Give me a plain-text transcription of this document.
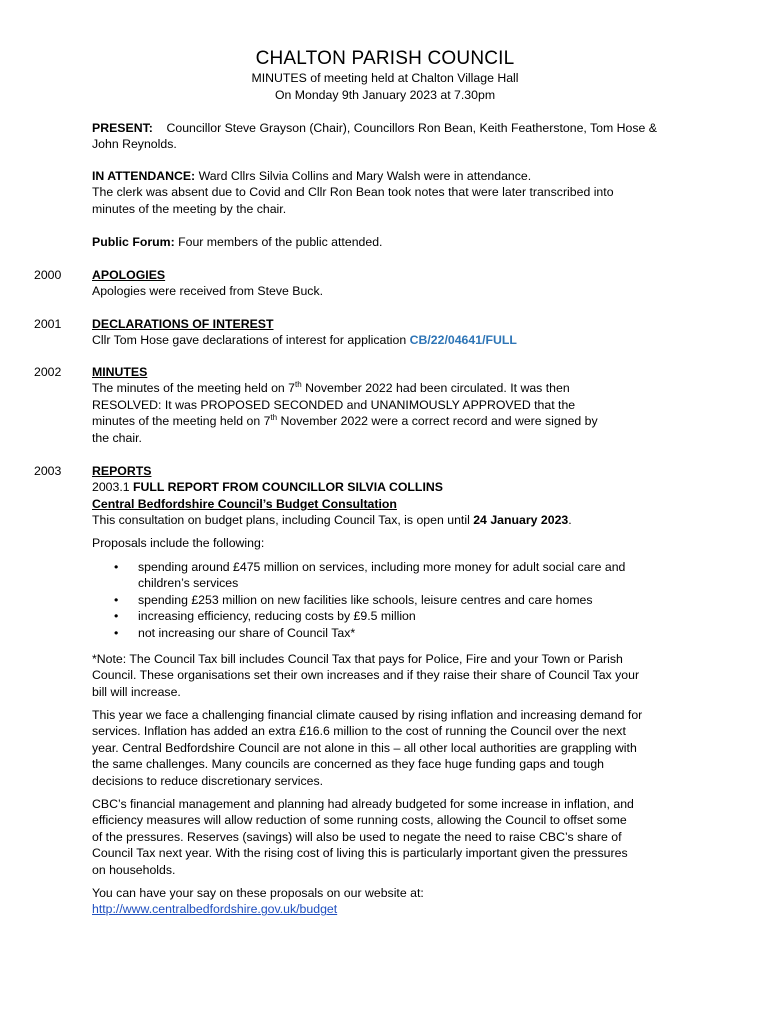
CHALTON PARISH COUNCIL
MINUTES of meeting held at Chalton Village Hall
On Monday 9th January 2023 at 7.30pm
PRESENT: Councillor Steve Grayson (Chair), Councillors Ron Bean, Keith Featherstone, Tom Hose &
John Reynolds.
IN ATTENDANCE: Ward Cllrs Silvia Collins and Mary Walsh were in attendance.
The clerk was absent due to Covid and Cllr Ron Bean took notes that were later transcribed into
minutes of the meeting by the chair.
Public Forum: Four members of the public attended.
2000 APOLOGIES
Apologies were received from Steve Buck.
2001 DECLARATIONS OF INTEREST
Cllr Tom Hose gave declarations of interest for application CB/22/04641/FULL
2002 MINUTES
The minutes of the meeting held on 7th November 2022 had been circulated. It was then
RESOLVED: It was PROPOSED SECONDED and UNANIMOUSLY APPROVED that the
minutes of the meeting held on 7th November 2022 were a correct record and were signed by
the chair.
2003 REPORTS
2003.1 FULL REPORT FROM COUNCILLOR SILVIA COLLINS
Central Bedfordshire Council’s Budget Consultation
This consultation on budget plans, including Council Tax, is open until 24 January 2023.
Proposals include the following:
• spending around £475 million on services, including more money for adult social care and
children’s services
• spending £253 million on new facilities like schools, leisure centres and care homes
• increasing efficiency, reducing costs by £9.5 million
• not increasing our share of Council Tax*
*Note: The Council Tax bill includes Council Tax that pays for Police, Fire and your Town or Parish
Council. These organisations set their own increases and if they raise their share of Council Tax your
bill will increase.
This year we face a challenging financial climate caused by rising inflation and increasing demand for
services. Inflation has added an extra £16.6 million to the cost of running the Council over the next
year. Central Bedfordshire Council are not alone in this – all other local authorities are grappling with
the same challenges. Many councils are concerned as they face huge funding gaps and tough
decisions to reduce discretionary services.
CBC’s financial management and planning had already budgeted for some increase in inflation, and
efficiency measures will allow reduction of some running costs, allowing the Council to offset some
of the pressures. Reserves (savings) will also be used to negate the need to raise CBC’s share of
Council Tax next year. With the rising cost of living this is particularly important given the pressures
on households.
You can have your say on these proposals on our website at:
http://www.centralbedfordshire.gov.uk/budget
